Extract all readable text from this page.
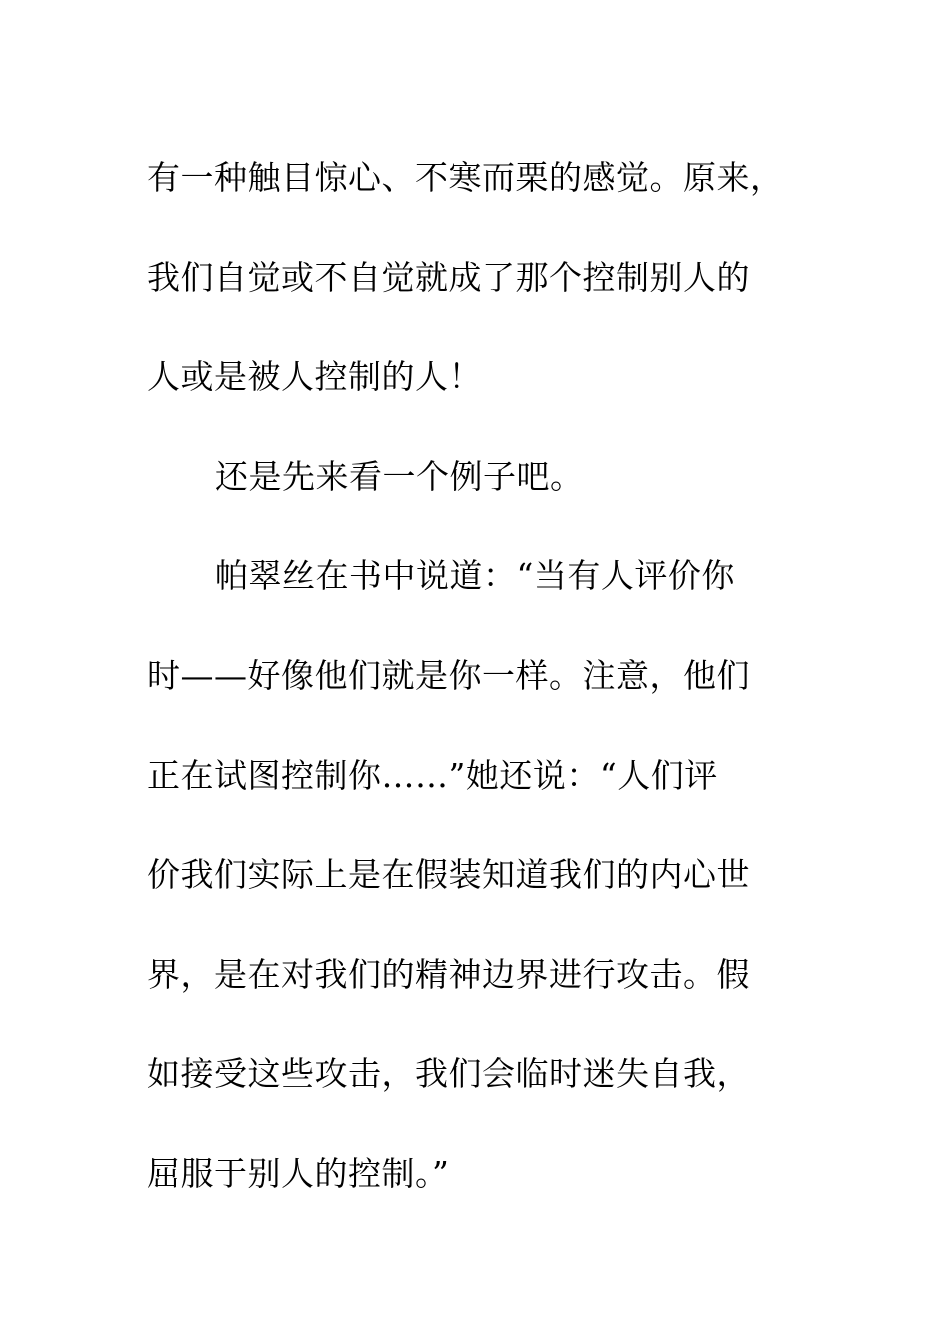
有一种触目惊心、不寒而栗的感觉。原来，
我们自觉或不自觉就成了那个控制别人的
人或是被人控制的人！
还是先来看一个例子吧。
帕翠丝在书中说道：“当有人评价你
时——好像他们就是你一样。注意，他们
正在试图控制你……”她还说：“人们评
价我们实际上是在假装知道我们的内心世
界，是在对我们的精神边界进行攻击。假
如接受这些攻击，我们会临时迷失自我，
屈服于别人的控制。”
